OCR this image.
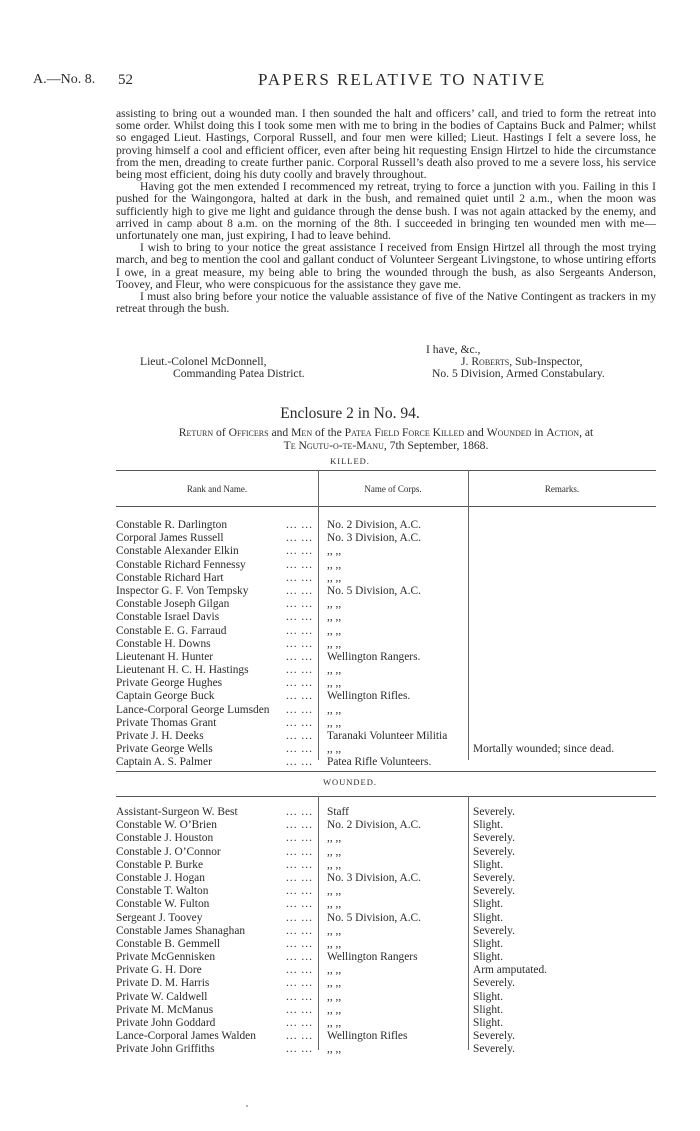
A.—No. 8. 52	PAPERS RELATIVE TO NATIVE

assisting to bring out a wounded man. I then sounded the halt and officers’ call, and tried to form the retreat into some order. Whilst doing this I took some men with me to bring in the bodies of Captains Buck and Palmer; whilst so engaged Lieut. Hastings, Corporal Russell, and four men were killed; Lieut. Hastings I felt a severe loss, he proving himself a cool and efficient officer, even after being hit requesting Ensign Hirtzel to hide the circumstance from the men, dreading to create further panic. Corporal Russell’s death also proved to me a severe loss, his service being most efficient, doing his duty coolly and bravely throughout.

Having got the men extended I recommenced my retreat, trying to force a junction with you. Failing in this I pushed for the Waingongora, halted at dark in the bush, and remained quiet until 2 a.m., when the moon was sufficiently high to give me light and guidance through the dense bush. I was not again attacked by the enemy, and arrived in camp about 8 a.m. on the morning of the 8th. I succeeded in bringing ten wounded men with me—unfortunately one man, just expiring, I had to leave behind.

I wish to bring to your notice the great assistance I received from Ensign Hirtzel all through the most trying march, and beg to mention the cool and gallant conduct of Volunteer Sergeant Livingstone, to whose untiring efforts I owe, in a great measure, my being able to bring the wounded through the bush, as also Sergeants Anderson, Toovey, and Fleur, who were conspicuous for the assistance they gave me.

I must also bring before your notice the valuable assistance of five of the Native Contingent as trackers in my retreat through the bush.

I have, &c.,
Lieut.-Colonel McDonnell,	J. Roberts, Sub-Inspector,
Commanding Patea District.	No. 5 Division, Armed Constabulary.
Enclosure 2 in No. 94.
Return of Officers and Men of the Patea Field Force Killed and Wounded in Action, at
Te Ngutu-o-te-Manu, 7th September, 1868.
KILLED.
Rank and Name.	Name of Corps.	Remarks.
Constable R. Darlington	... ... No. 2 Division, A.C.
Corporal James Russell	... ... No. 3 Division, A.C.
Constable Alexander Elkin	... ... ,, ,,
Constable Richard Fennessy	... ... ,, ,,
Constable Richard Hart	... ... ,, ,,
Inspector G. F. Von Tempsky	... ... No. 5 Division, A.C.
Constable Joseph Gilgan	... ... ,, ,,
Constable Israel Davis	... ... ,, ,,
Constable E. G. Farraud	... ... ,, ,,
Constable H. Downs	... ... ,, ,,
Lieutenant H. Hunter	... ... Wellington Rangers.
Lieutenant H. C. H. Hastings	... ... ,, ,,
Private George Hughes	... ... ,, ,,
Captain George Buck	... ... Wellington Rifles.
Lance-Corporal George Lumsden ... ... ,, ,,
Private Thomas Grant	... ... ,, ,,
Private J. H. Deeks	... ... Taranaki Volunteer Militia
Private George Wells	... ... ,, ,,	Mortally wounded; since dead.
Captain A. S. Palmer	... ... Patea Rifle Volunteers.
WOUNDED.
Assistant-Surgeon W. Best	... ... Staff	Severely.
Constable W. O’Brien	... ... No. 2 Division, A.C.	Slight.
Constable J. Houston	... ... ,, ,,	Severely.
Constable J. O’Connor	... ... ,, ,,	Severely.
Constable P. Burke	... ... ,, ,,	Slight.
Constable J. Hogan	... ... No. 3 Division, A.C.	Severely.
Constable T. Walton	... ... ,, ,,	Severely.
Constable W. Fulton	... ... ,, ,,	Slight.
Sergeant J. Toovey	... ... No. 5 Division, A.C.	Slight.
Constable James Shanaghan	... ... ,, ,,	Severely.
Constable B. Gemmell	... ... ,, ,,	Slight.
Private McGennisken	... ... Wellington Rangers	Slight.
Private G. H. Dore	... ... ,, ,,	Arm amputated.
Private D. M. Harris	... ... ,, ,,	Severely.
Private W. Caldwell	... ... ,, ,,	Slight.
Private M. McManus	... ... ,, ,,	Slight.
Private John Goddard	... ... ,, ,,	Slight.
Lance-Corporal James Walden	... ... Wellington Rifles	Severely.
Private John Griffiths	... ... ,, ,,	Severely.
